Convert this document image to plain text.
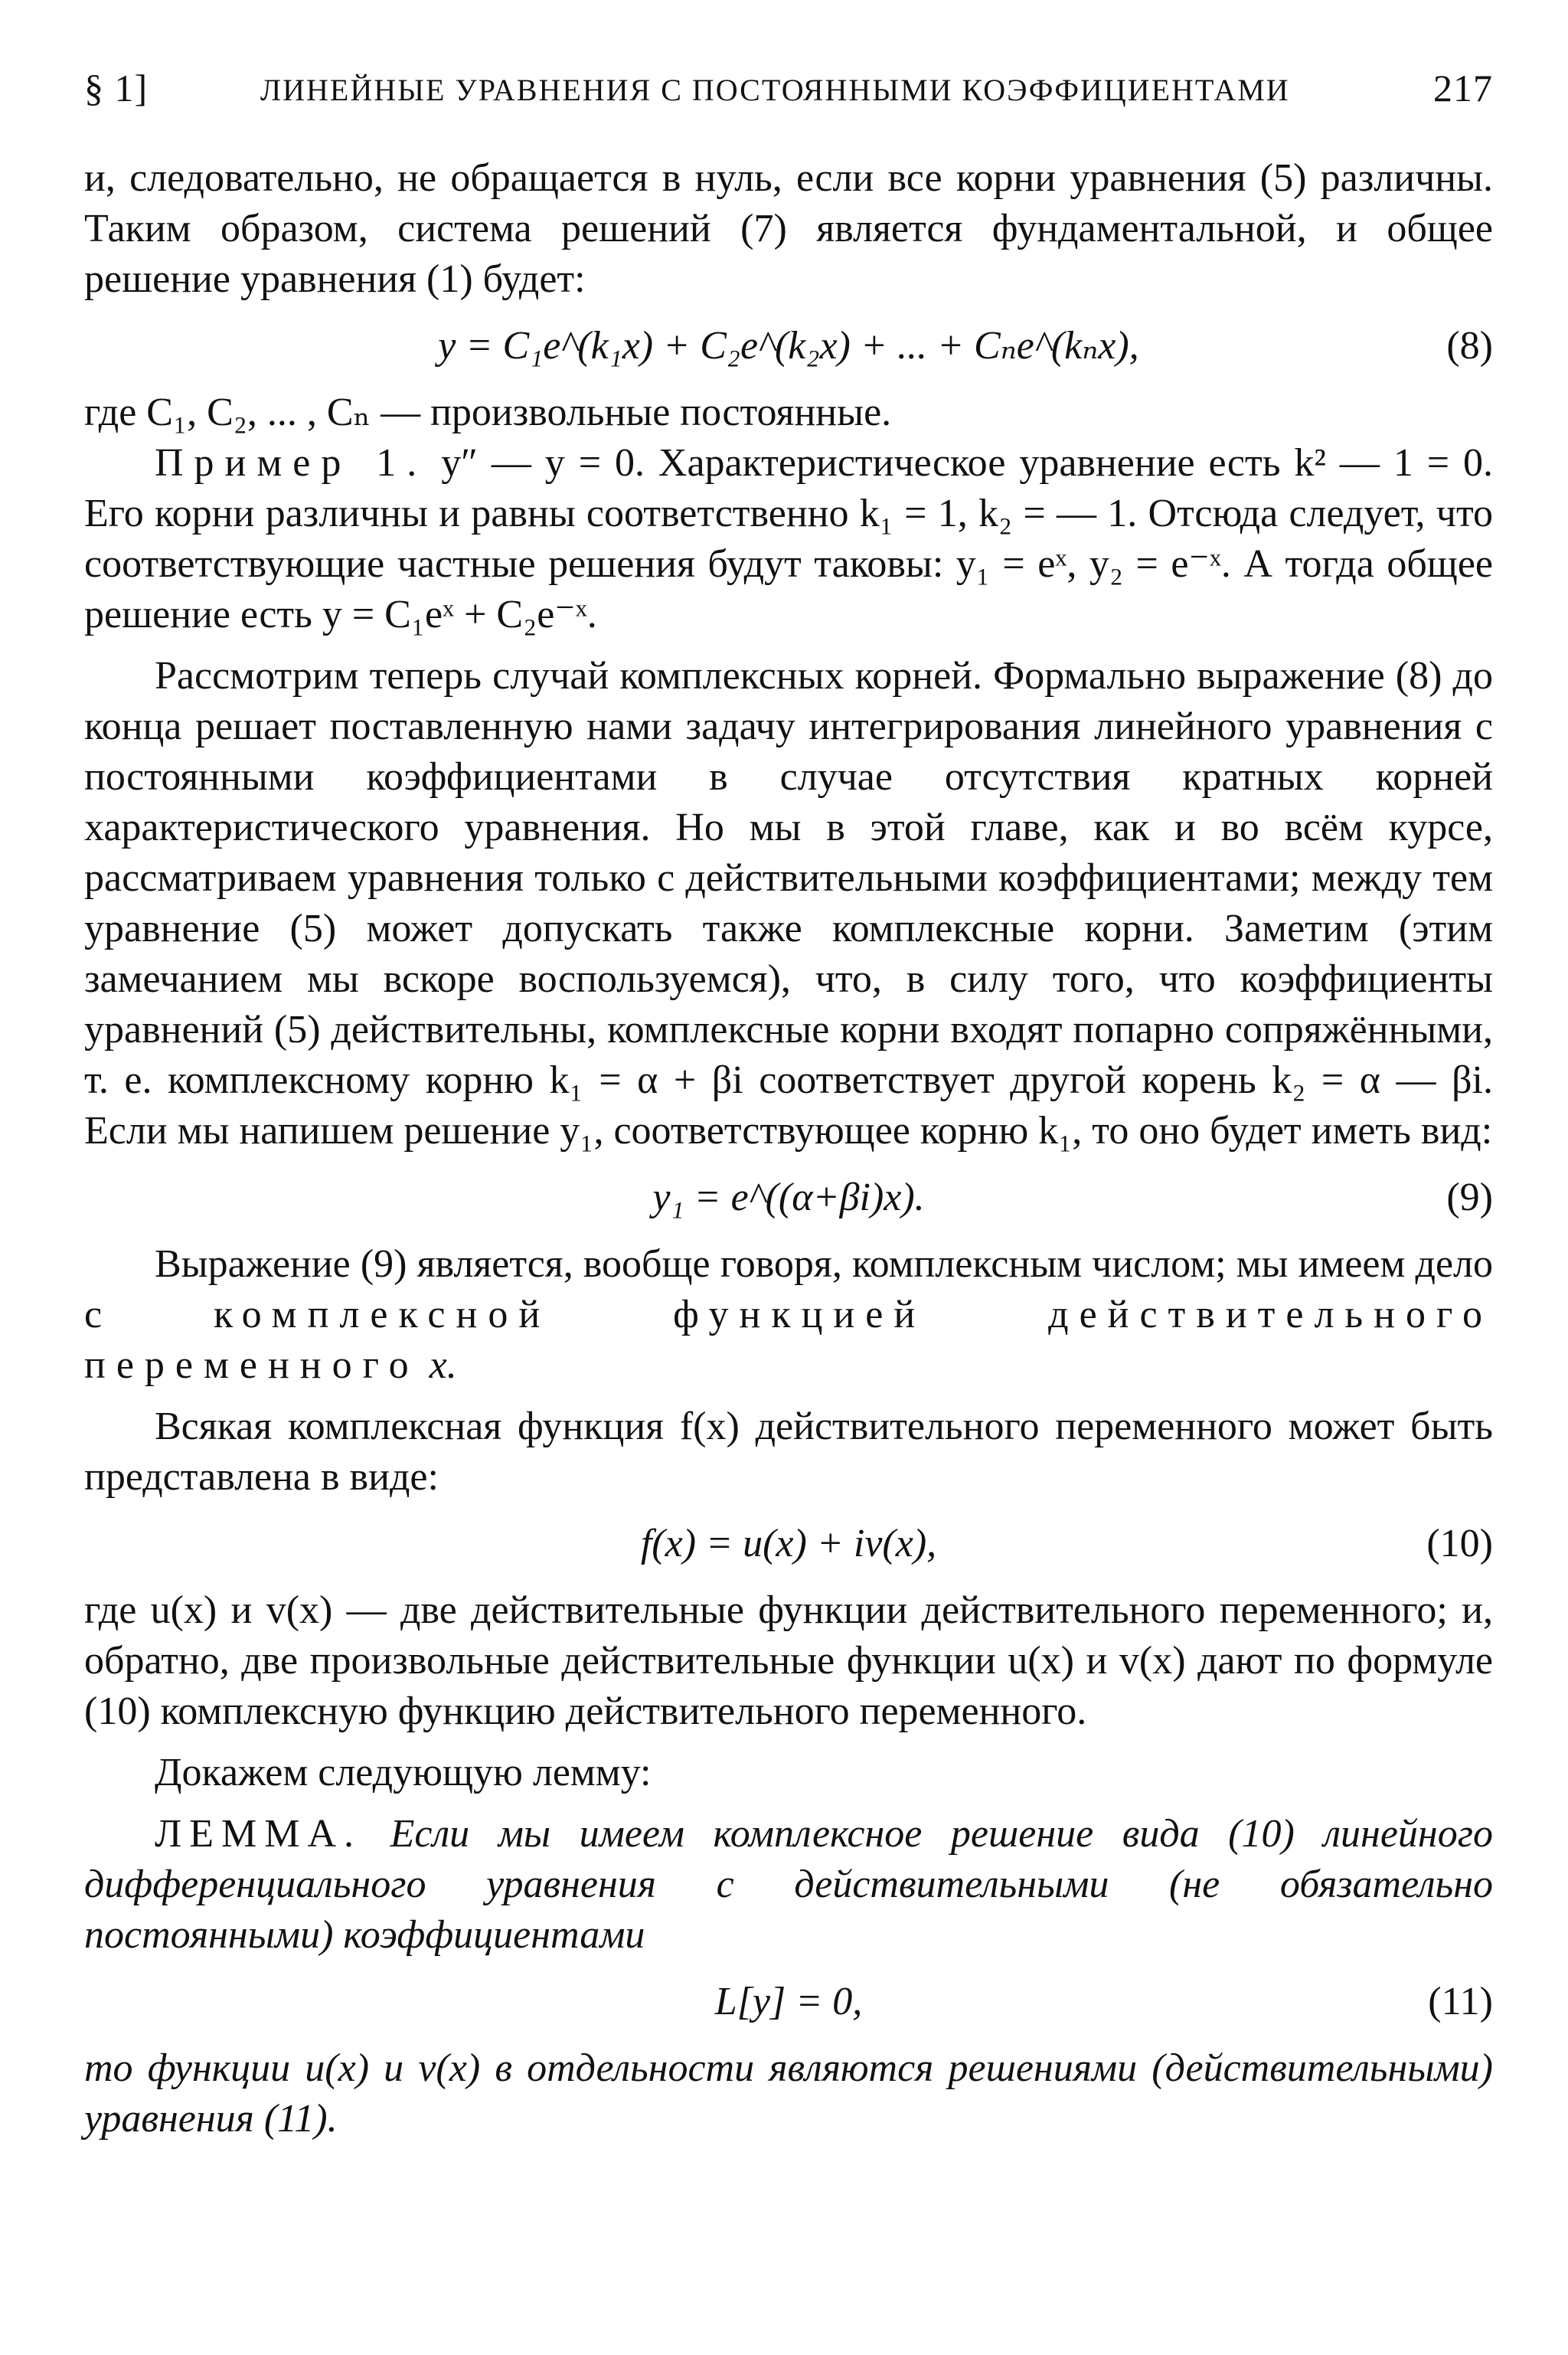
§ 1]	ЛИНЕЙНЫЕ УРАВНЕНИЯ С ПОСТОЯННЫМИ КОЭФФИЦИЕНТАМИ	217

и, следовательно, не обращается в нуль, если все корни уравнения (5) различны. Таким образом, система решений (7) является фундаментальной, и общее решение уравнения (1) будет:

y = C₁e^(k₁x) + C₂e^(k₂x) + ... + Cₙe^(kₙx),	(8)

где C₁, C₂, ... , Cₙ — произвольные постоянные.

Пример 1. y″ — y = 0. Характеристическое уравнение есть k² — 1 = 0. Его корни различны и равны соответственно k₁ = 1, k₂ = — 1. Отсюда следует, что соответствующие частные решения будут таковы: y₁ = eˣ, y₂ = e⁻ˣ. А тогда общее решение есть y = C₁eˣ + C₂e⁻ˣ.

Рассмотрим теперь случай комплексных корней. Формально выражение (8) до конца решает поставленную нами задачу интегрирования линейного уравнения с постоянными коэффициентами в случае отсутствия кратных корней характеристического уравнения. Но мы в этой главе, как и во всём курсе, рассматриваем уравнения только с действительными коэффициентами; между тем уравнение (5) может допускать также комплексные корни. Заметим (этим замечанием мы вскоре воспользуемся), что, в силу того, что коэффициенты уравнений (5) действительны, комплексные корни входят попарно сопряжёнными, т. е. комплексному корню k₁ = α + βi соответствует другой корень k₂ = α — βi. Если мы напишем решение y₁, соответствующее корню k₁, то оно будет иметь вид:

y₁ = e^((α+βi)x).	(9)

Выражение (9) является, вообще говоря, комплексным числом; мы имеем дело с комплексной функцией действительного переменного x.

Всякая комплексная функция f(x) действительного переменного может быть представлена в виде:

f(x) = u(x) + iv(x),	(10)

где u(x) и v(x) — две действительные функции действительного переменного; и, обратно, две произвольные действительные функции u(x) и v(x) дают по формуле (10) комплексную функцию действительного переменного.

Докажем следующую лемму:

ЛЕММА. Если мы имеем комплексное решение вида (10) линейного дифференциального уравнения с действительными (не обязательно постоянными) коэффициентами

L[y] = 0,	(11)

то функции u(x) и v(x) в отдельности являются решениями (действительными) уравнения (11).
